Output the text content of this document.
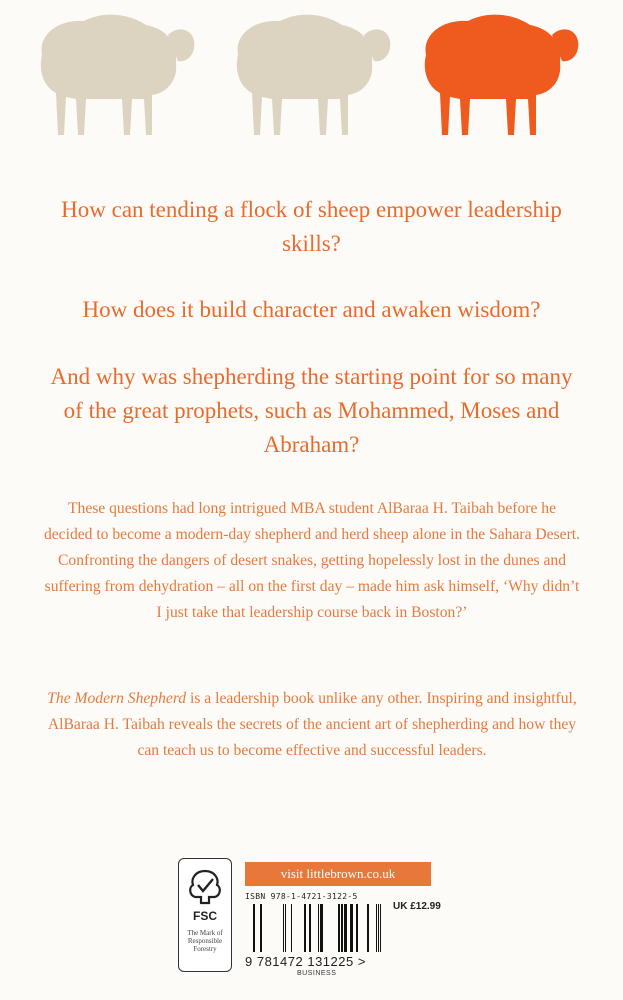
How can tending a flock of sheep empower leadership skills?

How does it build character and awaken wisdom?

And why was shepherding the starting point for so many of the great prophets, such as Mohammed, Moses and Abraham?

These questions had long intrigued MBA student AlBaraa H. Taibah before he decided to become a modern-day shepherd and herd sheep alone in the Sahara Desert. Confronting the dangers of desert snakes, getting hopelessly lost in the dunes and suffering from dehydration – all on the first day – made him ask himself, ‘Why didn’t I just take that leadership course back in Boston?’

The Modern Shepherd is a leadership book unlike any other. Inspiring and insightful, AlBaraa H. Taibah reveals the secrets of the ancient art of shepherding and how they can teach us to become effective and successful leaders.

FSC
The Mark of Responsible Forestry
visit littlebrown.co.uk
ISBN 978-1-4721-3122-5
UK £12.99
9 781472 131225 >
BUSINESS
